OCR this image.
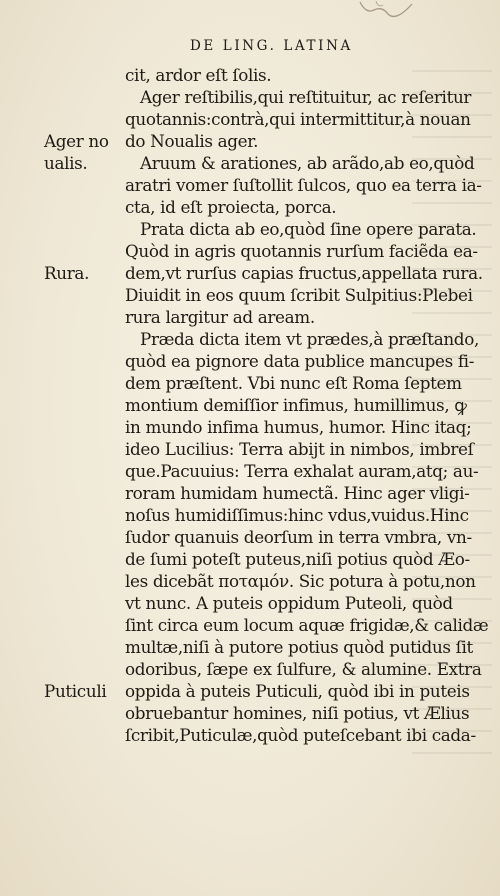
DE LING. LATINA
Ager no
ualis.
Rura.
Puticuli
cit, ardor eſt ſolis.
Ager reſtibilis,qui reſtituitur, ac reſeritur
quotannis:contrà,qui intermittitur,à nouan
do Noualis ager.
Aruum & arationes, ab arãdo,ab eo,quòd
aratri vomer ſuſtollit ſulcos, quo ea terra ia-
cta, id eſt proiecta, porca.
Prata dicta ab eo,quòd ſine opere parata.
Quòd in agris quotannis rurſum faciẽda ea-
dem,vt rurſus capias fructus,appellata rura.
Diuidit in eos quum ſcribit Sulpitius:Plebei
rura largitur ad aream.
Præda dicta item vt prædes,à præſtando,
quòd ea pignore data publice mancupes fi-
dem præſtent. Vbi nunc eſt Roma ſeptem
montium demiſſior infimus, humillimus, ꝙ
in mundo infima humus, humor. Hinc itaq;
ideo Lucilius: Terra abijt in nimbos, imbreſ
que.Pacuuius: Terra exhalat auram,atq; au-
roram humidam humectã. Hinc ager vligi-
noſus humidiſſimus:hinc vdus,vuidus.Hinc
ſudor quanuis deorſum in terra vmbra, vn-
de ſumi poteſt puteus,niſi potius quòd Æo-
les dicebãt ποταμόν. Sic potura à potu,non
vt nunc. A puteis oppidum Puteoli, quòd
ſint circa eum locum aquæ frigidæ,& calidæ
multæ,niſi à putore potius quòd putidus ſit
odoribus, ſæpe ex ſulfure, & alumine. Extra
oppida à puteis Puticuli, quòd ibi in puteis
obruebantur homines, niſi potius, vt Ælius
ſcribit,Puticulæ,quòd puteſcebant ibi cada-
